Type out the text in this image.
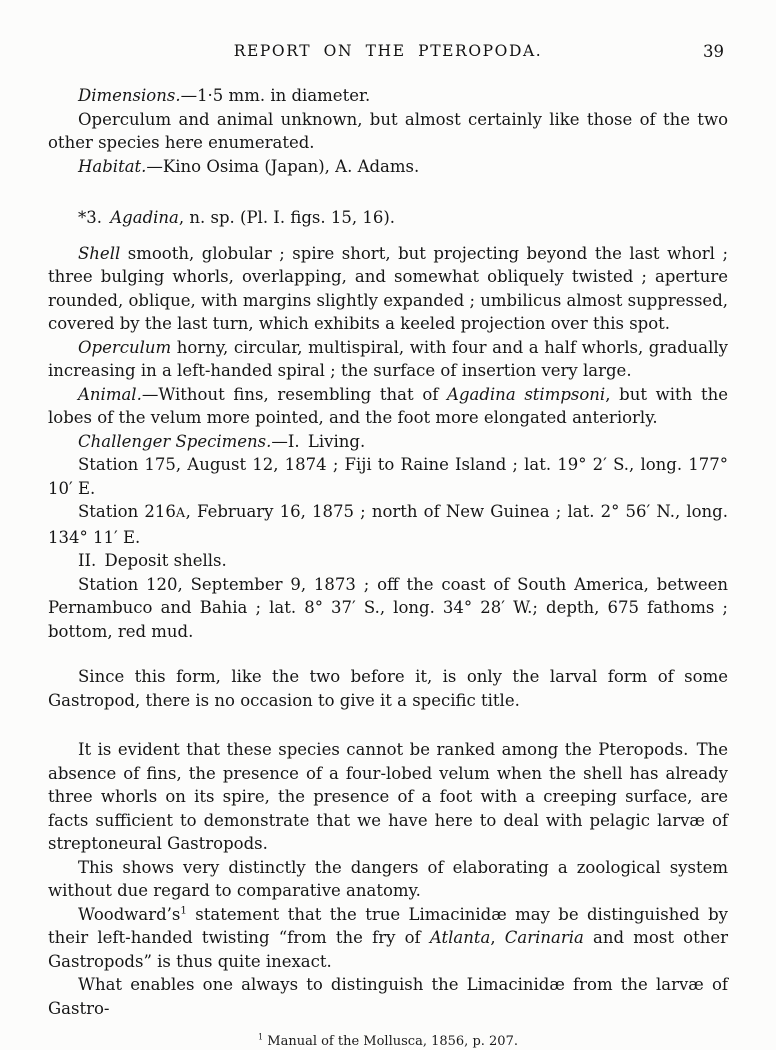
REPORT ON THE PTEROPODA.	39

Dimensions.—1·5 mm. in diameter.

Operculum and animal unknown, but almost certainly like those of the two other species here enumerated.

Habitat.—Kino Osima (Japan), A. Adams.

*3. Agadina, n. sp. (Pl. I. figs. 15, 16).

Shell smooth, globular ; spire short, but projecting beyond the last whorl ; three bulging whorls, overlapping, and somewhat obliquely twisted ; aperture rounded, oblique, with margins slightly expanded ; umbilicus almost suppressed, covered by the last turn, which exhibits a keeled projection over this spot.

Operculum horny, circular, multispiral, with four and a half whorls, gradually increasing in a left-handed spiral ; the surface of insertion very large.

Animal.—Without fins, resembling that of Agadina stimpsoni, but with the lobes of the velum more pointed, and the foot more elongated anteriorly.

Challenger Specimens.—I. Living.

Station 175, August 12, 1874 ; Fiji to Raine Island ; lat. 19° 2′ S., long. 177° 10′ E.

Station 216A, February 16, 1875 ; north of New Guinea ; lat. 2° 56′ N., long. 134° 11′ E.

II. Deposit shells.

Station 120, September 9, 1873 ; off the coast of South America, between Pernambuco and Bahia ; lat. 8° 37′ S., long. 34° 28′ W.; depth, 675 fathoms ; bottom, red mud.

Since this form, like the two before it, is only the larval form of some Gastropod, there is no occasion to give it a specific title.

It is evident that these species cannot be ranked among the Pteropods. The absence of fins, the presence of a four-lobed velum when the shell has already three whorls on its spire, the presence of a foot with a creeping surface, are facts sufficient to demonstrate that we have here to deal with pelagic larvæ of streptoneural Gastropods.

This shows very distinctly the dangers of elaborating a zoological system without due regard to comparative anatomy.

$Woodward’s^1$ statement that the true Limacinidæ may be distinguished by their left-handed twisting “from the fry of Atlanta, Carinaria and most other Gastropods” is thus quite inexact.

What enables one always to distinguish the Limacinidæ from the larvæ of Gastro-

$^1$ Manual of the Mollusca, 1856, p. 207.
